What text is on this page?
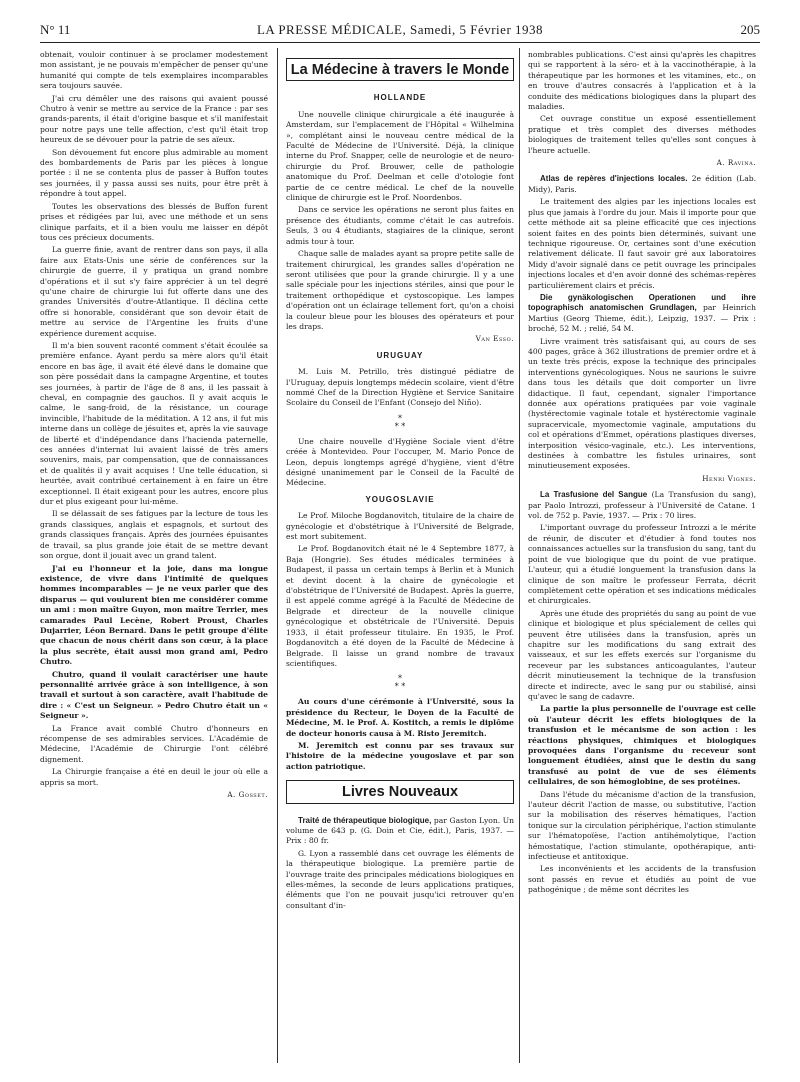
N° 11	LA PRESSE MÉDICALE, Samedi, 5 Février 1938	205

obtenait, vouloir continuer à se proclamer modestement mon assistant, je ne pouvais m'empêcher de penser qu'une humanité qui compte de tels exemplaires incomparables sera toujours sauvée.

J'ai cru démêler une des raisons qui avaient poussé Chutro à venir se mettre au service de la France : par ses grands-parents, il était d'origine basque et s'il manifestait pour notre pays une telle affection, c'est qu'il était trop heureux de se dévouer pour la patrie de ses aïeux.

Son dévouement fut encore plus admirable au moment des bombardements de Paris par les pièces à longue portée : il ne se contenta plus de passer à Buffon toutes ses journées, il y passa aussi ses nuits, pour être prêt à répondre à tout appel.

Toutes les observations des blessés de Buffon furent prises et rédigées par lui, avec une méthode et un sens clinique parfaits, et il a bien voulu me laisser en dépôt tous ces précieux documents.

La guerre finie, avant de rentrer dans son pays, il alla faire aux Etats-Unis une série de conférences sur la chirurgie de guerre, il y pratiqua un grand nombre d'opérations et il sut s'y faire apprécier à un tel degré qu'une chaire de chirurgie lui fut offerte dans une des grandes Universités d'outre-Atlantique. Il déclina cette offre si honorable, considérant que son devoir était de mettre au service de l'Argentine les fruits d'une expérience durement acquise.

Il m'a bien souvent raconté comment s'était écoulée sa première enfance. Ayant perdu sa mère alors qu'il était encore en bas âge, il avait été élevé dans le domaine que son père possédait dans la campagne Argentine, et toutes ses journées, à partir de l'âge de 8 ans, il les passait à cheval, en compagnie des gauchos. Il y avait acquis le calme, le sang-froid, de la résistance, un courage invincible, l'habitude de la méditation. A 12 ans, il fut mis interne dans un collège de jésuites et, après la vie sauvage de liberté et d'indépendance dans l'hacienda paternelle, ces années d'internat lui avaient laissé de très amers souvenirs, mais, par compensation, que de connaissances et de qualités il y avait acquises ! Une telle éducation, si heurtée, avait contribué certainement à en faire un être exceptionnel. Il était exigeant pour les autres, encore plus dur et plus exigeant pour lui-même.

Il se délassait de ses fatigues par la lecture de tous les grands classiques, anglais et espagnols, et surtout des grands classiques français. Après des journées épuisantes de travail, sa plus grande joie était de se mettre devant son orgue, dont il jouait avec un grand talent.

J'ai eu l'honneur et la joie, dans ma longue existence, de vivre dans l'intimité de quelques hommes incomparables — je ne veux parler que des disparus — qui voulurent bien me considérer comme un ami : mon maître Guyon, mon maître Terrier, mes camarades Paul Lecène, Robert Proust, Charles Dujarrier, Léon Bernard. Dans le petit groupe d'élite que chacun de nous chérit dans son cœur, à la place la plus secrète, était aussi mon grand ami, Pedro Chutro.

Chutro, quand il voulait caractériser une haute personnalité arrivée grâce à son intelligence, à son travail et surtout à son caractère, avait l'habitude de dire : « C'est un Seigneur. » Pedro Chutro était un « Seigneur ».

La France avait comblé Chutro d'honneurs en récompense de ses admirables services. L'Académie de Médecine, l'Académie de Chirurgie l'ont célébré dignement.

La Chirurgie française a été en deuil le jour où elle a appris sa mort.

A. Gosset.
La Médecine à travers le Monde
HOLLANDE

Une nouvelle clinique chirurgicale a été inaugurée à Amsterdam, sur l'emplacement de l'Hôpital « Wilhelmina », complétant ainsi le nouveau centre médical de la Faculté de Médecine de l'Université. Déjà, la clinique interne du Prof. Snapper, celle de neurologie et de neuro-chirurgie du Prof. Brouwer, celle de pathologie anatomique du Prof. Deelman et celle d'otologie font partie de ce centre médical. Le chef de la nouvelle clinique de chirurgie est le Prof. Noordenbos.

Dans ce service les opérations ne seront plus faites en présence des étudiants, comme c'était le cas autrefois. Seuls, 3 ou 4 étudiants, stagiaires de la clinique, seront admis tour à tour.

Chaque salle de malades ayant sa propre petite salle de traitement chirurgical, les grandes salles d'opération ne seront utilisées que pour la grande chirurgie. Il y a une salle spéciale pour les injections stériles, ainsi que pour le traitement orthopédique et cystoscopique. Les lampes d'opération ont un éclairage tellement fort, qu'on a choisi la couleur bleue pour les blouses des opérateurs et pour les draps.

Van Esso.
URUGUAY

M. Luis M. Petrillo, très distingué pédiatre de l'Uruguay, depuis longtemps médecin scolaire, vient d'être nommé Chef de la Direction Hygiène et Service Sanitaire Scolaire du Conseil de l'Enfant (Consejo del Niño).

*
* *

Une chaire nouvelle d'Hygiène Sociale vient d'être créée à Montevideo. Pour l'occuper, M. Mario Ponce de Leon, depuis longtemps agrégé d'hygiène, vient d'être désigné unanimement par le Conseil de la Faculté de Médecine.

YOUGOSLAVIE

Le Prof. Miloche Bogdanovitch, titulaire de la chaire de gynécologie et d'obstétrique à l'Université de Belgrade, est mort subitement.

Le Prof. Bogdanovitch était né le 4 Septembre 1877, à Baja (Hongrie). Ses études médicales terminées à Budapest, il passa un certain temps à Berlin et à Munich et devint docent à la chaire de gynécologie et d'obstétrique de l'Université de Budapest. Après la guerre, il est appelé comme agrégé à la Faculté de Médecine de Belgrade et directeur de la nouvelle clinique gynécologique et obstétricale de l'Université. Depuis 1933, il était professeur titulaire. En 1935, le Prof. Bogdanovitch a été doyen de la Faculté de Médecine à Belgrade. Il laisse un grand nombre de travaux scientifiques.

*
* *

Au cours d'une cérémonie à l'Université, sous la présidence du Recteur, le Doyen de la Faculté de Médecine, M. le Prof. A. Kostitch, a remis le diplôme de docteur honoris causa à M. Risto Jeremitch.

M. Jeremitch est connu par ses travaux sur l'histoire de la médecine yougoslave et par son action patriotique.

Livres Nouveaux

Traité de thérapeutique biologique, par Gaston Lyon. Un volume de 643 p. (G. Doin et Cie, édit.), Paris, 1937. — Prix : 80 fr.

G. Lyon a rassemblé dans cet ouvrage les éléments de la thérapeutique biologique. La première partie de l'ouvrage traite des principales médications biologiques en elles-mêmes, la seconde de leurs applications pratiques, éléments que l'on ne pouvait jusqu'ici retrouver qu'en consultant d'in-

nombrables publications. C'est ainsi qu'après les chapitres qui se rapportent à la séro- et à la vaccinothérapie, à la thérapeutique par les hormones et les vitamines, etc., on en trouve d'autres consacrés à l'application et à la conduite des médications biologiques dans la plupart des maladies.

Cet ouvrage constitue un exposé essentiellement pratique et très complet des diverses méthodes biologiques de traitement telles qu'elles sont conçues à l'heure actuelle.

A. Ravina.

Atlas de repères d'injections locales. 2e édition (Lab. Midy), Paris.

Le traitement des algies par les injections locales est plus que jamais à l'ordre du jour. Mais il importe pour que cette méthode ait sa pleine efficacité que ces injections soient faites en des points bien déterminés, suivant une technique rigoureuse. Or, certaines sont d'une exécution relativement délicate. Il faut savoir gré aux laboratoires Midy d'avoir signalé dans ce petit ouvrage les principales injections locales et d'en avoir donné des schémas-repères particulièrement clairs et précis.

Die gynäkologischen Operationen und ihre topographisch anatomischen Grundlagen, par Heinrich Martius (Georg Thieme, édit.), Leipzig, 1937. — Prix : broché, 52 M. ; relié, 54 M.

Livre vraiment très satisfaisant qui, au cours de ses 400 pages, grâce à 362 illustrations de premier ordre et à un texte très précis, expose la technique des principales interventions gynécologiques. Nous ne saurions le suivre dans tous les détails que doit comporter un livre didactique. Il faut, cependant, signaler l'importance donnée aux opérations pratiquées par voie vaginale (hystérectomie vaginale totale et hystérectomie vaginale supracervicale, myomectomie vaginale, amputations du col et opérations d'Emmet, opérations plastiques diverses, interposition vésico-vaginale, etc.). Les interventions, destinées à combattre les fistules urinaires, sont minutieusement exposées.

Henri Vignes.

La Trasfusione del Sangue (La Transfusion du sang), par Paolo Introzzi, professeur à l'Université de Catane. 1 vol. de 752 p. Pavie, 1937. — Prix : 70 lires.

L'important ouvrage du professeur Introzzi a le mérite de réunir, de discuter et d'étudier à fond toutes nos connaissances actuelles sur la transfusion du sang, tant du point de vue biologique que du point de vue pratique. L'auteur, qui a étudié longuement la transfusion dans la clinique de son maître le professeur Ferrata, décrit complètement cette opération et ses indications médicales et chirurgicales.

Après une étude des propriétés du sang au point de vue clinique et biologique et plus spécialement de celles qui peuvent être utilisées dans la transfusion, après un chapitre sur les modifications du sang extrait des vaisseaux, et sur les effets exercés sur l'organisme du receveur par les substances anticoagulantes, l'auteur décrit minutieusement la technique de la transfusion directe et indirecte, avec le sang pur ou stabilisé, ainsi qu'avec le sang de cadavre.

La partie la plus personnelle de l'ouvrage est celle où l'auteur décrit les effets biologiques de la transfusion et le mécanisme de son action : les réactions physiques, chimiques et biologiques provoquées dans l'organisme du receveur sont longuement étudiées, ainsi que le destin du sang transfusé au point de vue de ses éléments cellulaires, de son hémoglobine, de ses protéines.

Dans l'étude du mécanisme d'action de la transfusion, l'auteur décrit l'action de masse, ou substitutive, l'action sur la mobilisation des réserves hématiques, l'action tonique sur la circulation périphérique, l'action stimulante sur l'hématopoïèse, l'action antihémolytique, l'action hémostatique, l'action stimulante, opothérapique, anti-infectieuse et antitoxique.

Les inconvénients et les accidents de la transfusion sont passés en revue et étudiés au point de vue pathogénique ; de même sont décrites les
